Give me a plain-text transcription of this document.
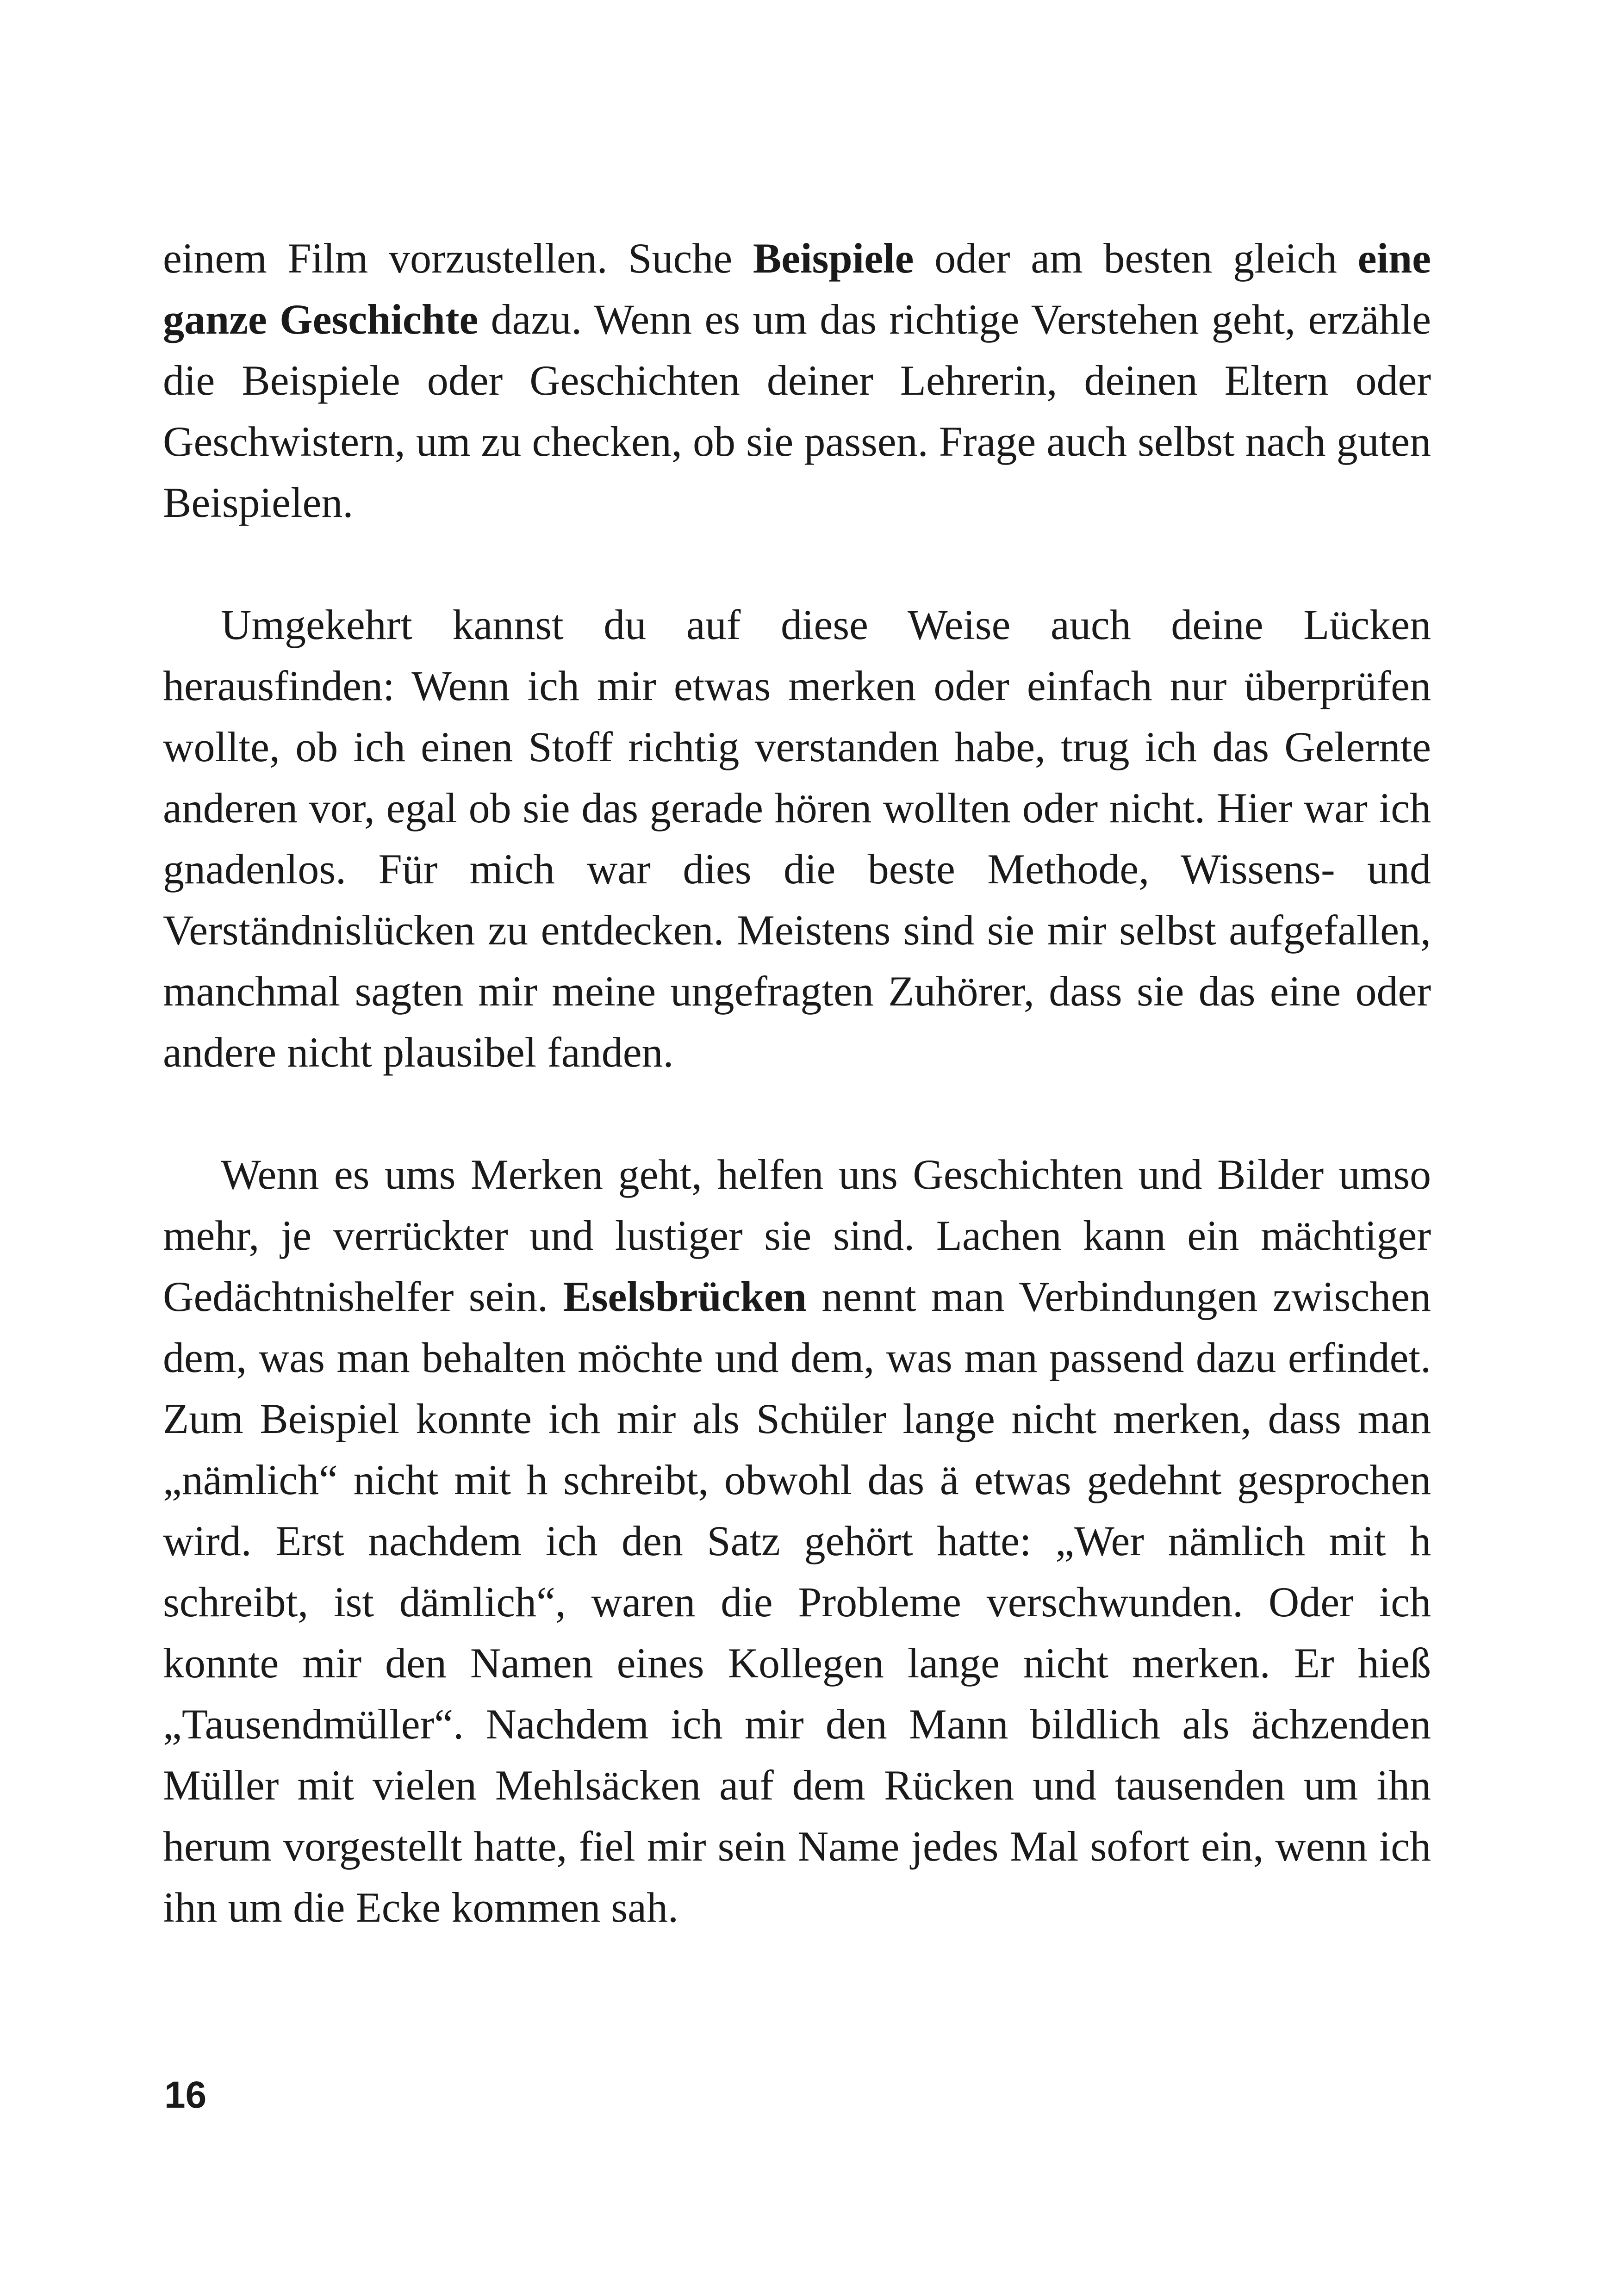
einem Film vorzustellen. Suche Beispiele oder am besten gleich eine ganze Geschichte dazu. Wenn es um das richtige Verstehen geht, erzähle die Beispiele oder Geschichten deiner Lehrerin, deinen Eltern oder Geschwistern, um zu checken, ob sie passen. Frage auch selbst nach guten Beispielen.

Umgekehrt kannst du auf diese Weise auch deine Lücken herausfinden: Wenn ich mir etwas merken oder einfach nur überprüfen wollte, ob ich einen Stoff richtig verstanden habe, trug ich das Gelernte anderen vor, egal ob sie das gerade hören wollten oder nicht. Hier war ich gnadenlos. Für mich war dies die beste Methode, Wissens- und Verständnislücken zu entdecken. Meistens sind sie mir selbst aufgefallen, manchmal sagten mir meine ungefragten Zuhörer, dass sie das eine oder andere nicht plausibel fanden.

Wenn es ums Merken geht, helfen uns Geschichten und Bilder umso mehr, je verrückter und lustiger sie sind. Lachen kann ein mächtiger Gedächtnishelfer sein. Eselsbrücken nennt man Verbindungen zwischen dem, was man behalten möchte und dem, was man passend dazu erfindet. Zum Beispiel konnte ich mir als Schüler lange nicht merken, dass man „nämlich“ nicht mit h schreibt, obwohl das ä etwas gedehnt gesprochen wird. Erst nachdem ich den Satz gehört hatte: „Wer nämlich mit h schreibt, ist dämlich“, waren die Probleme verschwunden. Oder ich konnte mir den Namen eines Kollegen lange nicht merken. Er hieß „Tausendmüller“. Nachdem ich mir den Mann bildlich als ächzenden Müller mit vielen Mehlsäcken auf dem Rücken und tausenden um ihn herum vorgestellt hatte, fiel mir sein Name jedes Mal sofort ein, wenn ich ihn um die Ecke kommen sah.

16
